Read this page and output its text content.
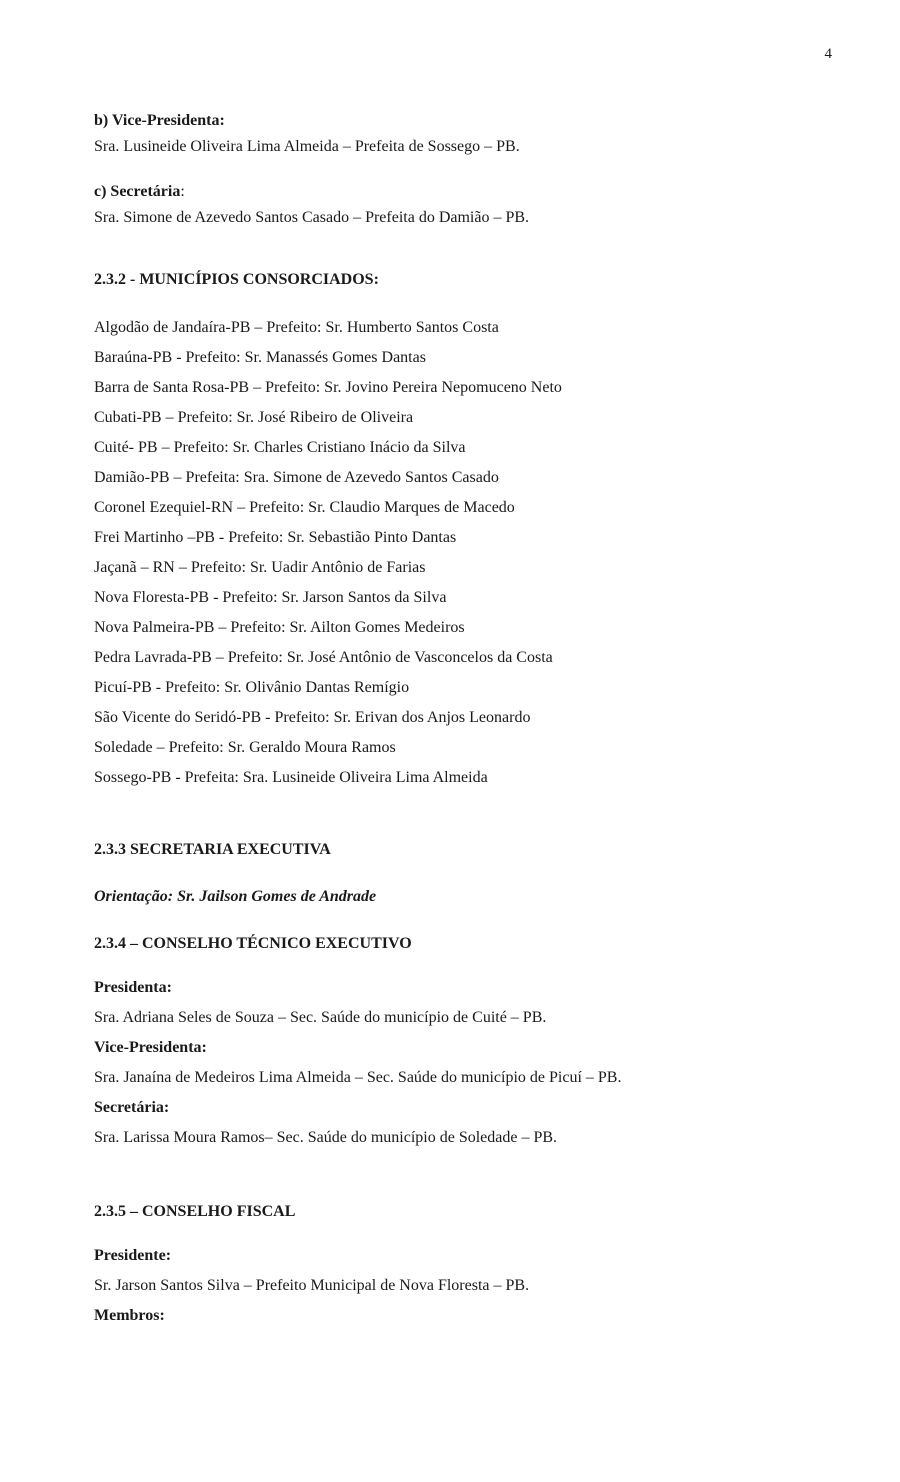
4
b) Vice-Presidenta:
Sra. Lusineide Oliveira Lima Almeida – Prefeita de Sossego – PB.
c) Secretária:
Sra. Simone de Azevedo Santos Casado – Prefeita do Damião – PB.
2.3.2 - MUNICÍPIOS CONSORCIADOS:
Algodão de Jandaíra-PB – Prefeito: Sr. Humberto Santos Costa
Baraúna-PB - Prefeito: Sr. Manassés Gomes Dantas
Barra de Santa Rosa-PB – Prefeito: Sr. Jovino Pereira Nepomuceno Neto
Cubati-PB – Prefeito: Sr. José Ribeiro de Oliveira
Cuité- PB – Prefeito: Sr. Charles Cristiano Inácio da Silva
Damião-PB – Prefeita: Sra. Simone de Azevedo Santos Casado
Coronel Ezequiel-RN – Prefeito: Sr. Claudio Marques de Macedo
Frei Martinho –PB - Prefeito: Sr. Sebastião Pinto Dantas
Jaçanã – RN – Prefeito: Sr. Uadir Antônio de Farias
Nova Floresta-PB - Prefeito: Sr. Jarson Santos da Silva
Nova Palmeira-PB – Prefeito: Sr. Ailton Gomes Medeiros
Pedra Lavrada-PB – Prefeito: Sr. José Antônio de Vasconcelos da Costa
Picuí-PB - Prefeito: Sr. Olivânio Dantas Remígio
São Vicente do Seridó-PB - Prefeito: Sr. Erivan dos Anjos Leonardo
Soledade – Prefeito: Sr. Geraldo Moura Ramos
Sossego-PB - Prefeita: Sra. Lusineide Oliveira Lima Almeida
2.3.3 SECRETARIA EXECUTIVA
Orientação: Sr. Jailson Gomes de Andrade
2.3.4 – CONSELHO TÉCNICO EXECUTIVO
Presidenta:
Sra. Adriana Seles de Souza – Sec. Saúde do município de Cuité – PB.
Vice-Presidenta:
Sra. Janaína de Medeiros Lima Almeida – Sec. Saúde do município de Picuí – PB.
Secretária:
Sra. Larissa Moura Ramos– Sec. Saúde do município de Soledade – PB.
2.3.5 – CONSELHO FISCAL
Presidente:
Sr. Jarson Santos Silva – Prefeito Municipal de Nova Floresta – PB.
Membros:
